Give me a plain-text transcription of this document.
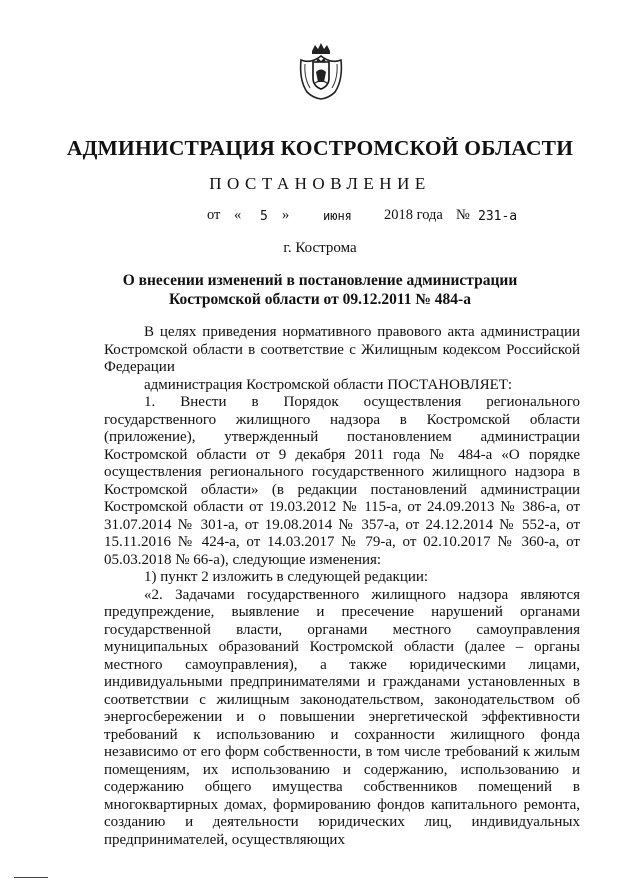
АДМИНИСТРАЦИЯ КОСТРОМСКОЙ ОБЛАСТИ
ПОСТАНОВЛЕНИЕ
от « 5 »	июня 2018 года № 231-а
г. Кострома
О внесении изменений в постановление администрации
Костромской области от 09.12.2011 № 484-а

В целях приведения нормативного правового акта администрации Костромской области в соответствие с Жилищным кодексом Российской Федерации

администрация Костромской области ПОСТАНОВЛЯЕТ:

1. Внести в Порядок осуществления регионального государственного жилищного надзора в Костромской области (приложение), утвержденный постановлением администрации Костромской области от 9 декабря 2011 года № 484-а «О порядке осуществления регионального государственного жилищного надзора в Костромской области» (в редакции постановлений администрации Костромской области от 19.03.2012 № 115-а, от 24.09.2013 № 386-а, от 31.07.2014 № 301-а, от 19.08.2014 № 357-а, от 24.12.2014 № 552-а, от 15.11.2016 № 424-а, от 14.03.2017 № 79-а, от 02.10.2017 № 360-а, от 05.03.2018 № 66-а), следующие изменения:

1) пункт 2 изложить в следующей редакции:

«2. Задачами государственного жилищного надзора являются предупреждение, выявление и пресечение нарушений органами государственной власти, органами местного самоуправления муниципальных образований Костромской области (далее – органы местного самоуправления), а также юридическими лицами, индивидуальными предпринимателями и гражданами установленных в соответствии с жилищным законодательством, законодательством об энергосбережении и о повышении энергетической эффективности требований к использованию и сохранности жилищного фонда независимо от его форм собственности, в том числе требований к жилым помещениям, их использованию и содержанию, использованию и содержанию общего имущества собственников помещений в многоквартирных домах, формированию фондов капитального ремонта, созданию и деятельности юридических лиц, индивидуальных предпринимателей, осуществляющих
